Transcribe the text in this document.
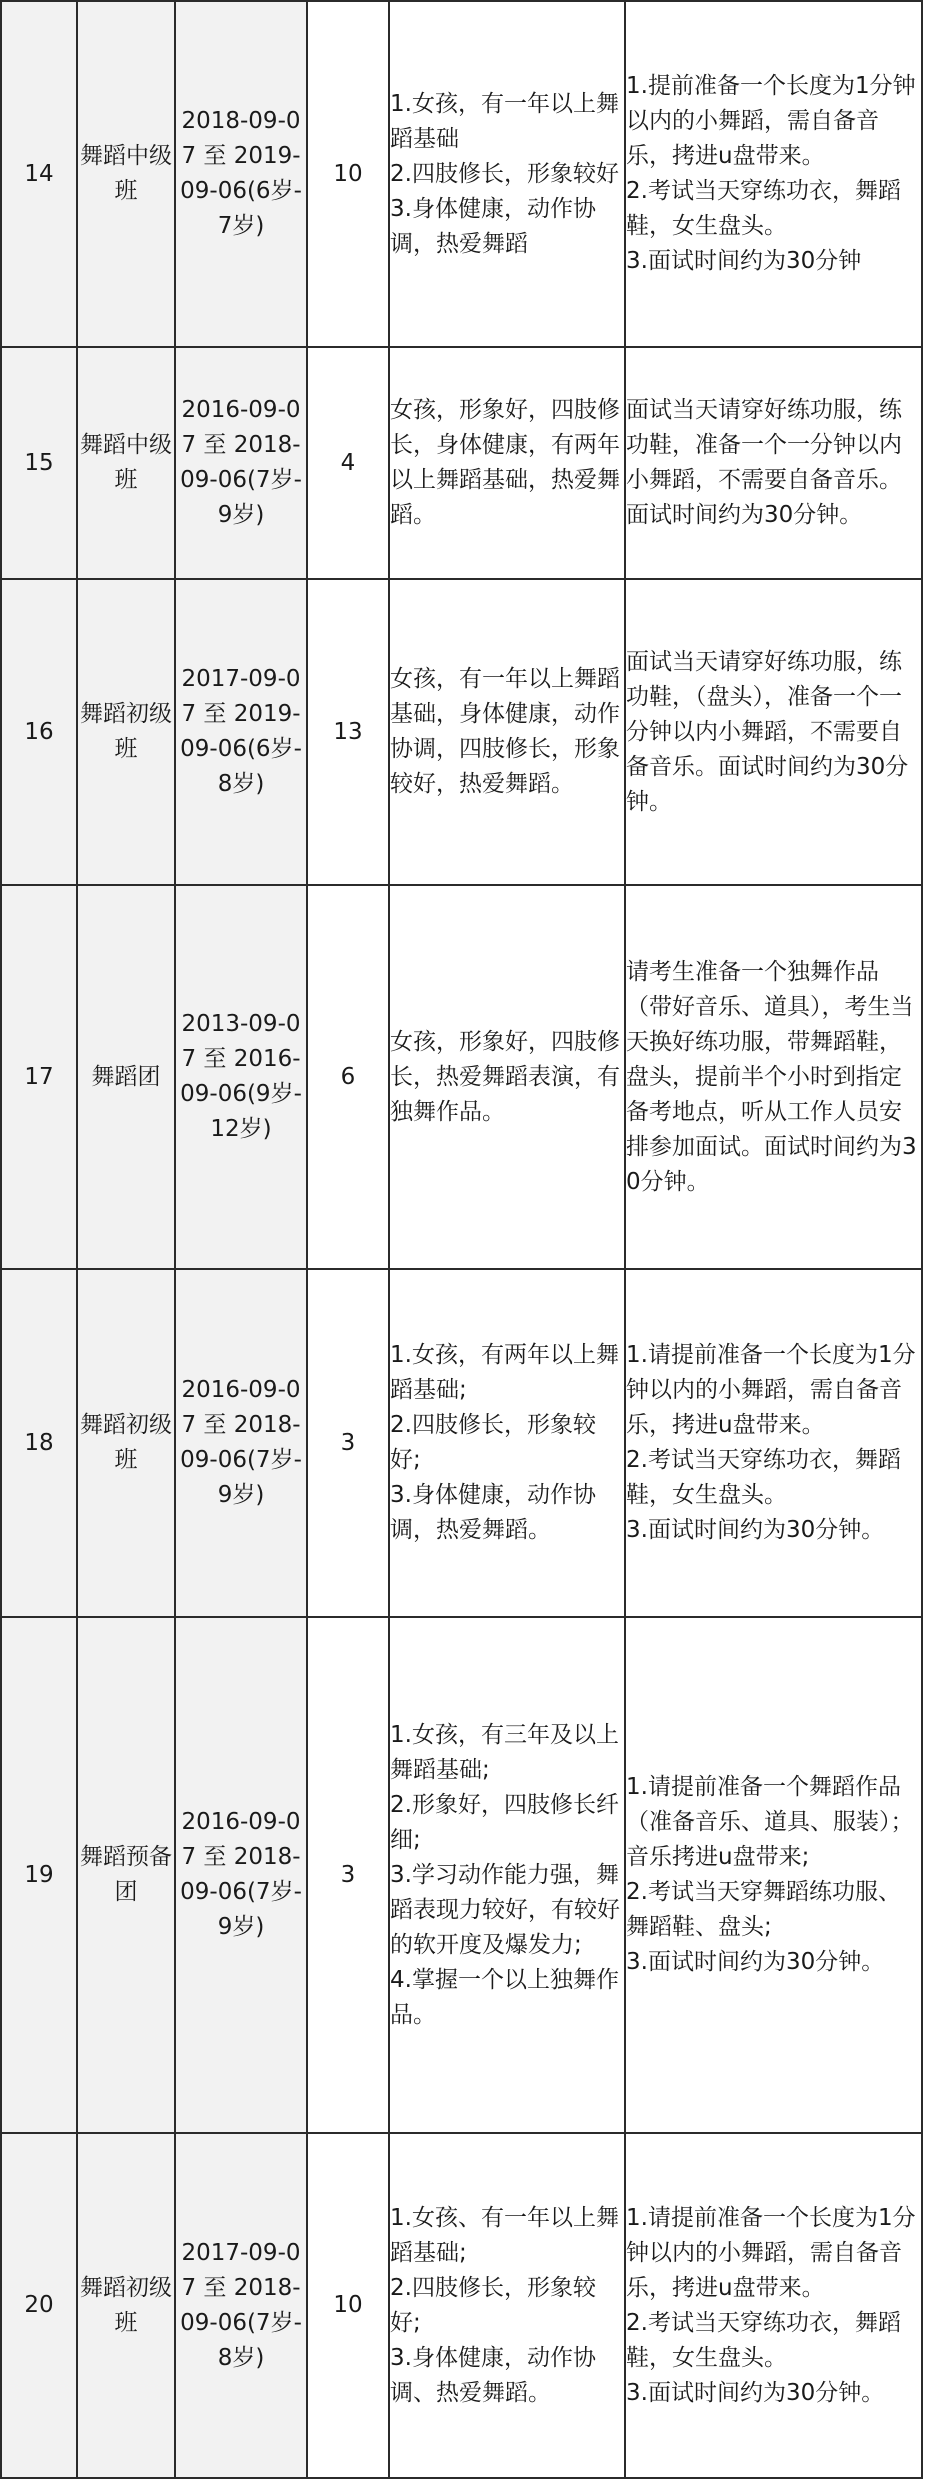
14	舞蹈中级班	2018-09-07 至 2019-09-06(6岁-7岁)	10	1.女孩，有一年以上舞蹈基础
2.四肢修长，形象较好
3.身体健康，动作协调，热爱舞蹈	1.提前准备一个长度为1分钟以内的小舞蹈，需自备音乐，拷进u盘带来。
2.考试当天穿练功衣，舞蹈鞋，女生盘头。
3.面试时间约为30分钟

15	舞蹈中级班	2016-09-07 至 2018-09-06(7岁-9岁)	4	女孩，形象好，四肢修长，身体健康，有两年以上舞蹈基础，热爱舞蹈。	面试当天请穿好练功服，练功鞋，准备一个一分钟以内小舞蹈，不需要自备音乐。面试时间约为30分钟。

16	舞蹈初级班	2017-09-07 至 2019-09-06(6岁-8岁)	13	女孩，有一年以上舞蹈基础，身体健康，动作协调，四肢修长，形象较好，热爱舞蹈。	面试当天请穿好练功服，练功鞋，（盘头），准备一个一分钟以内小舞蹈，不需要自备音乐。面试时间约为30分钟。

17	舞蹈团	2013-09-07 至 2016-09-06(9岁-12岁)	6	女孩，形象好，四肢修长，热爱舞蹈表演，有独舞作品。	请考生准备一个独舞作品（带好音乐、道具），考生当天换好练功服，带舞蹈鞋，盘头，提前半个小时到指定备考地点，听从工作人员安排参加面试。面试时间约为30分钟。

18	舞蹈初级班	2016-09-07 至 2018-09-06(7岁-9岁)	3	1.女孩，有两年以上舞蹈基础;
2.四肢修长，形象较好;
3.身体健康，动作协调，热爱舞蹈。	1.请提前准备一个长度为1分钟以内的小舞蹈，需自备音乐，拷进u盘带来。
2.考试当天穿练功衣，舞蹈鞋，女生盘头。
3.面试时间约为30分钟。

19	舞蹈预备团	2016-09-07 至 2018-09-06(7岁-9岁)	3	1.女孩，有三年及以上舞蹈基础;
2.形象好，四肢修长纤细;
3.学习动作能力强，舞蹈表现力较好，有较好的软开度及爆发力;
4.掌握一个以上独舞作品。	1.请提前准备一个舞蹈作品（准备音乐、道具、服装）；音乐拷进u盘带来;
2.考试当天穿舞蹈练功服、舞蹈鞋、盘头;
3.面试时间约为30分钟。

20	舞蹈初级班	2017-09-07 至 2018-09-06(7岁-8岁)	10	1.女孩、有一年以上舞蹈基础;
2.四肢修长，形象较好;
3.身体健康，动作协调、热爱舞蹈。	1.请提前准备一个长度为1分钟以内的小舞蹈，需自备音乐，拷进u盘带来。
2.考试当天穿练功衣，舞蹈鞋，女生盘头。
3.面试时间约为30分钟。
